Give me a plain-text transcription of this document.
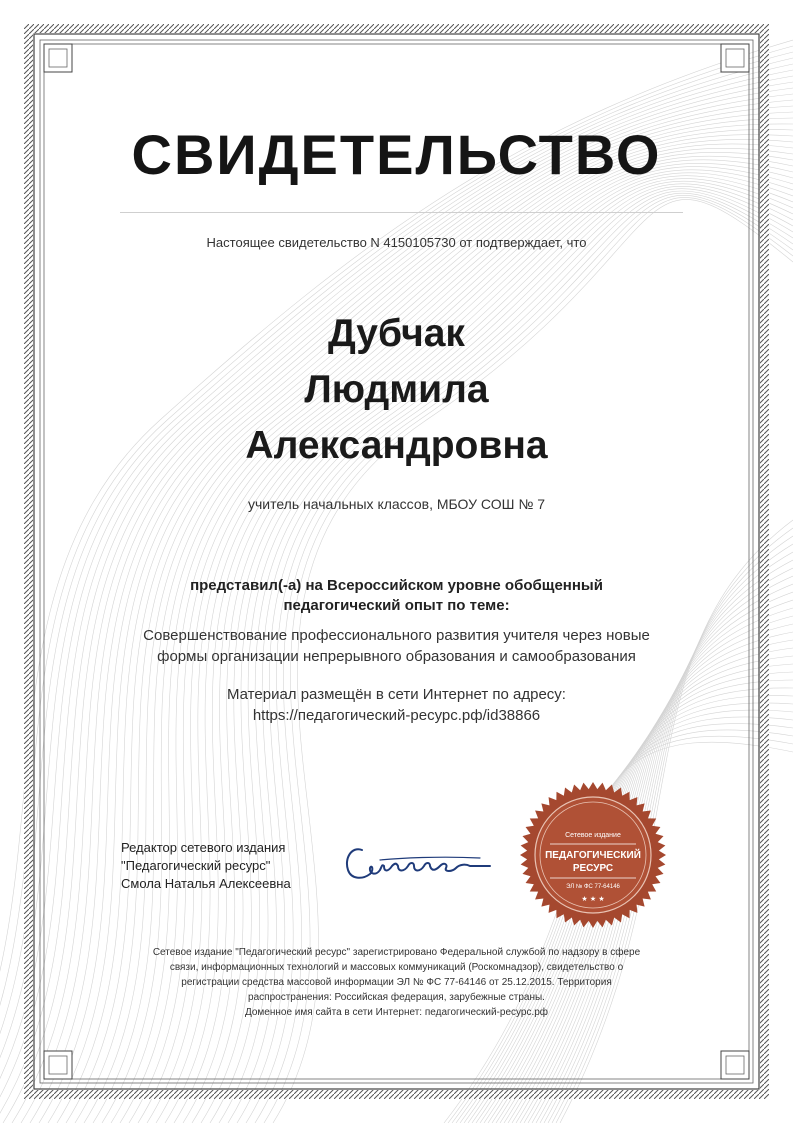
СВИДЕТЕЛЬСТВО
Настоящее свидетельство N 4150105730 от подтверждает, что
Дубчак
Людмила
Александровна
учитель начальных классов, МБОУ СОШ № 7
представил(-а) на Всероссийском уровне обобщенный
педагогический опыт по теме:
Совершенствование профессионального развития учителя через новые
формы организации непрерывного образования и самообразования
Материал размещён в сети Интернет по адресу:
https://педагогический-ресурс.рф/id38866
Редактор сетевого издания
"Педагогический ресурс"
Смола Наталья Алексеевна
Сетевое издание
ПЕДАГОГИЧЕСКИЙ
РЕСУРС
ЭЛ № ФС 77-64146
★ ★ ★
Сетевое издание "Педагогический ресурс" зарегистрировано Федеральной службой по надзору в сфере
связи, информационных технологий и массовых коммуникаций (Роскомнадзор), свидетельство о
регистрации средства массовой информации ЭЛ № ФС 77-64146 от 25.12.2015. Территория
распространения: Российская федерация, зарубежные страны.
Доменное имя сайта в сети Интернет: педагогический-ресурс.рф
